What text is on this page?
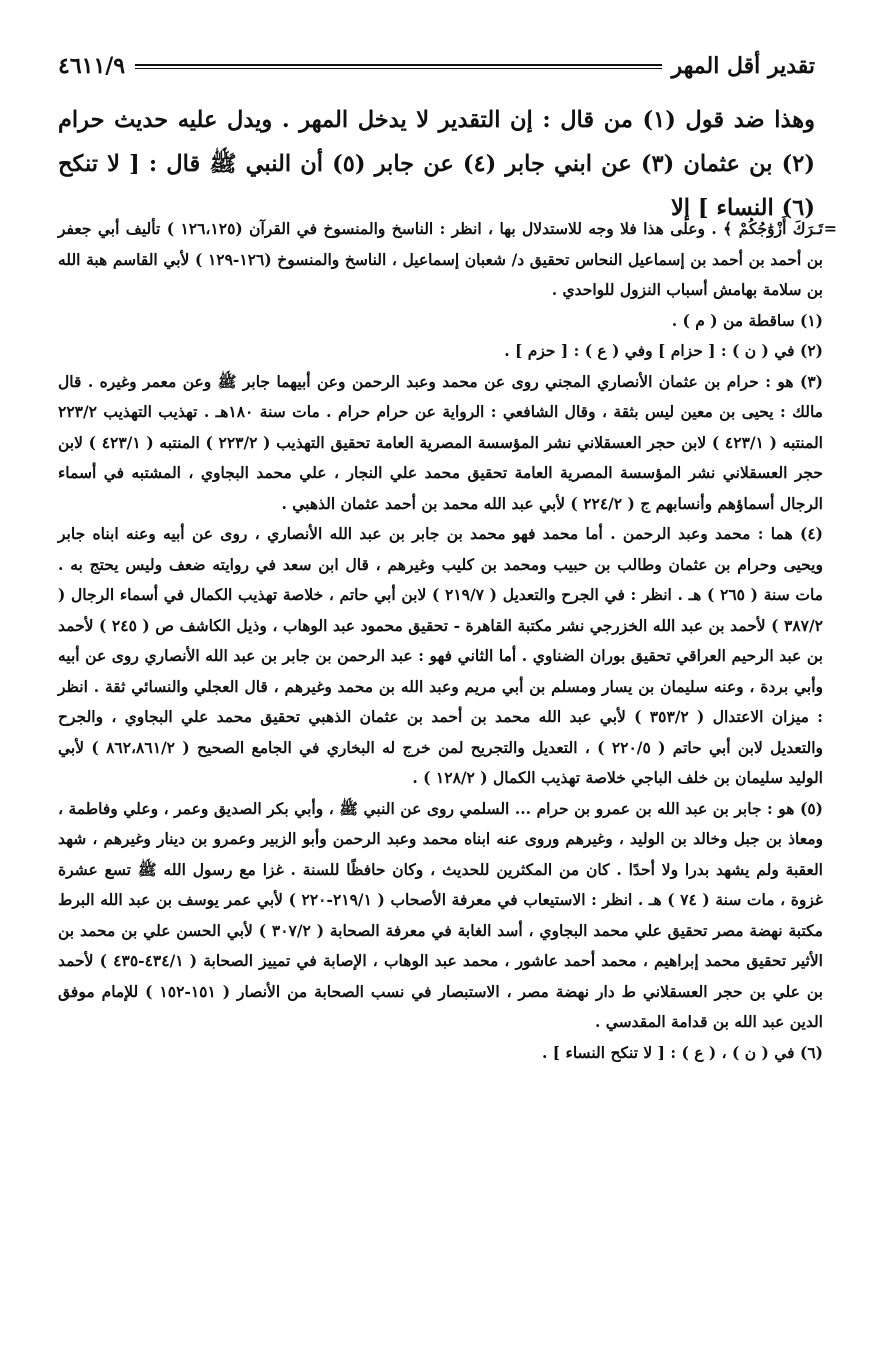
تقدير أقل المهر
٤٦١١/٩

وهذا ضد قول (١) من قال : إن التقدير لا يدخل المهر . ويدل عليه حديث حرام (٢) بن عثمان (٣) عن ابني جابر (٤) عن جابر (٥) أن النبي ﷺ قال : [ لا تنكح (٦) النساء ] إلا

=

تَـرَكَ أَزْوَٰجُكُمْ ﴾ . وعلى هذا فلا وجه للاستدلال بها ، انظر : الناسخ والمنسوخ في القرآن (١٢٦،١٢٥ ) تأليف أبي جعفر بن أحمد بن أحمد بن إسماعيل النحاس تحقيق د/ شعبان إسماعيل ، الناسخ والمنسوخ (١٢٦-١٢٩ ) لأبي القاسم هبة الله بن سلامة بهامش أسباب النزول للواحدي .

(١) ساقطة من ( م ) .

(٢) في ( ن ) : [ حزام ] وفي ( ع ) : [ حزم ] .

(٣) هو : حرام بن عثمان الأنصاري المجني روى عن محمد وعبد الرحمن وعن أبيهما جابر ﷺ وعن معمر وغيره . قال مالك : يحيى بن معين ليس بثقة ، وقال الشافعي : الرواية عن حرام حرام . مات سنة ١٨٠هـ . تهذيب التهذيب ٢٢٣/٢ المنتبه ( ٤٢٣/١ ) لابن حجر العسقلاني نشر المؤسسة المصرية العامة تحقيق التهذيب ( ٢٢٣/٢ ) المنتبه ( ٤٢٣/١ ) لابن حجر العسقلاني نشر المؤسسة المصرية العامة تحقيق محمد علي النجار ، علي محمد البجاوي ، المشتبه في أسماء الرجال أسماؤهم وأنسابهم ج ( ٢٢٤/٢ ) لأبي عبد الله محمد بن أحمد عثمان الذهبي .

(٤) هما : محمد وعبد الرحمن . أما محمد فهو محمد بن جابر بن عبد الله الأنصاري ، روى عن أبيه وعنه ابناه جابر ويحيى وحرام بن عثمان وطالب بن حبيب ومحمد بن كليب وغيرهم ، قال ابن سعد في روايته ضعف وليس يحتج به . مات سنة ( ٢٦٥ ) هـ . انظر : في الجرح والتعديل ( ٢١٩/٧ ) لابن أبي حاتم ، خلاصة تهذيب الكمال في أسماء الرجال ( ٣٨٧/٢ ) لأحمد بن عبد الله الخزرجي نشر مكتبة القاهرة - تحقيق محمود عبد الوهاب ، وذيل الكاشف ص ( ٢٤٥ ) لأحمد بن عبد الرحيم العراقي تحقيق بوران الضناوي . أما الثاني فهو : عبد الرحمن بن جابر بن عبد الله الأنصاري روى عن أبيه وأبي بردة ، وعنه سليمان بن يسار ومسلم بن أبي مريم وعبد الله بن محمد وغيرهم ، قال العجلي والنسائي ثقة . انظر : ميزان الاعتدال ( ٣٥٣/٢ ) لأبي عبد الله محمد بن أحمد بن عثمان الذهبي تحقيق محمد علي البجاوي ، والجرح والتعديل لابن أبي حاتم ( ٢٢٠/٥ ) ، التعديل والتجريح لمن خرج له البخاري في الجامع الصحيح ( ٨٦٢،٨٦١/٢ ) لأبي الوليد سليمان بن خلف الباجي خلاصة تهذيب الكمال ( ١٢٨/٢ ) .

(٥) هو : جابر بن عبد الله بن عمرو بن حرام ... السلمي روى عن النبي ﷺ ، وأبي بكر الصديق وعمر ، وعلي وفاطمة ، ومعاذ بن جبل وخالد بن الوليد ، وغيرهم وروى عنه ابناه محمد وعبد الرحمن وأبو الزبير وعمرو بن دينار وغيرهم ، شهد العقبة ولم يشهد بدرا ولا أحدًا . كان من المكثرين للحديث ، وكان حافظًا للسنة . غزا مع رسول الله ﷺ تسع عشرة غزوة ، مات سنة ( ٧٤ ) هـ . انظر : الاستيعاب في معرفة الأصحاب ( ٢١٩/١-٢٢٠ ) لأبي عمر يوسف بن عبد الله البرط مكتبة نهضة مصر تحقيق علي محمد البجاوي ، أسد الغابة في معرفة الصحابة ( ٣٠٧/٢ ) لأبي الحسن علي بن محمد بن الأثير تحقيق محمد إبراهيم ، محمد أحمد عاشور ، محمد عبد الوهاب ، الإصابة في تمييز الصحابة ( ٤٣٤/١-٤٣٥ ) لأحمد بن علي بن حجر العسقلاني ط دار نهضة مصر ، الاستبصار في نسب الصحابة من الأنصار ( ١٥١-١٥٢ ) للإمام موفق الدين عبد الله بن قدامة المقدسي .

(٦) في ( ن ) ، ( ع ) : [ لا تنكح النساء ] .
